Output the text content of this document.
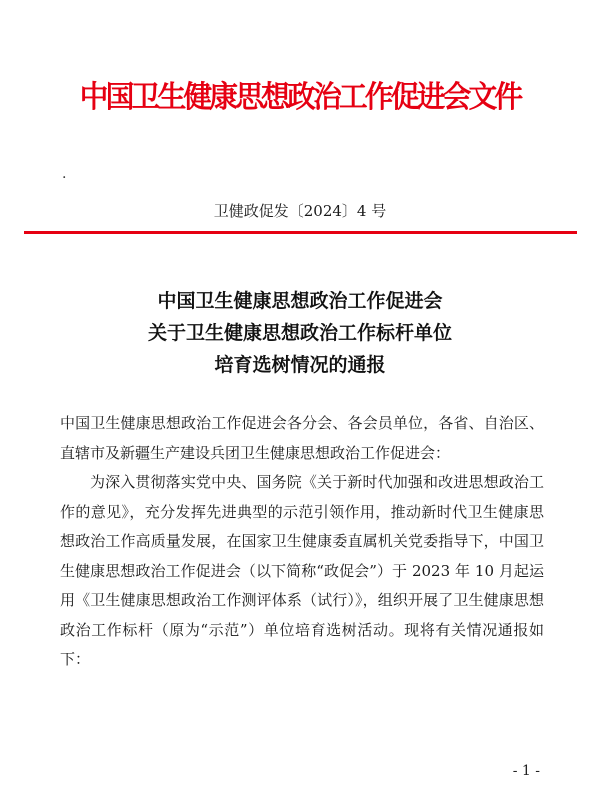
中国卫生健康思想政治工作促进会文件
.
卫健政促发〔2024〕4 号
中国卫生健康思想政治工作促进会
关于卫生健康思想政治工作标杆单位
培育选树情况的通报

中国卫生健康思想政治工作促进会各分会、各会员单位，各省、自治区、直辖市及新疆生产建设兵团卫生健康思想政治工作促进会：

为深入贯彻落实党中央、国务院《关于新时代加强和改进思想政治工作的意见》，充分发挥先进典型的示范引领作用，推动新时代卫生健康思想政治工作高质量发展，在国家卫生健康委直属机关党委指导下，中国卫生健康思想政治工作促进会（以下简称“政促会”）于 2023 年 10 月起运用《卫生健康思想政治工作测评体系（试行）》，组织开展了卫生健康思想政治工作标杆（原为“示范”）单位培育选树活动。现将有关情况通报如下：

- 1 -
